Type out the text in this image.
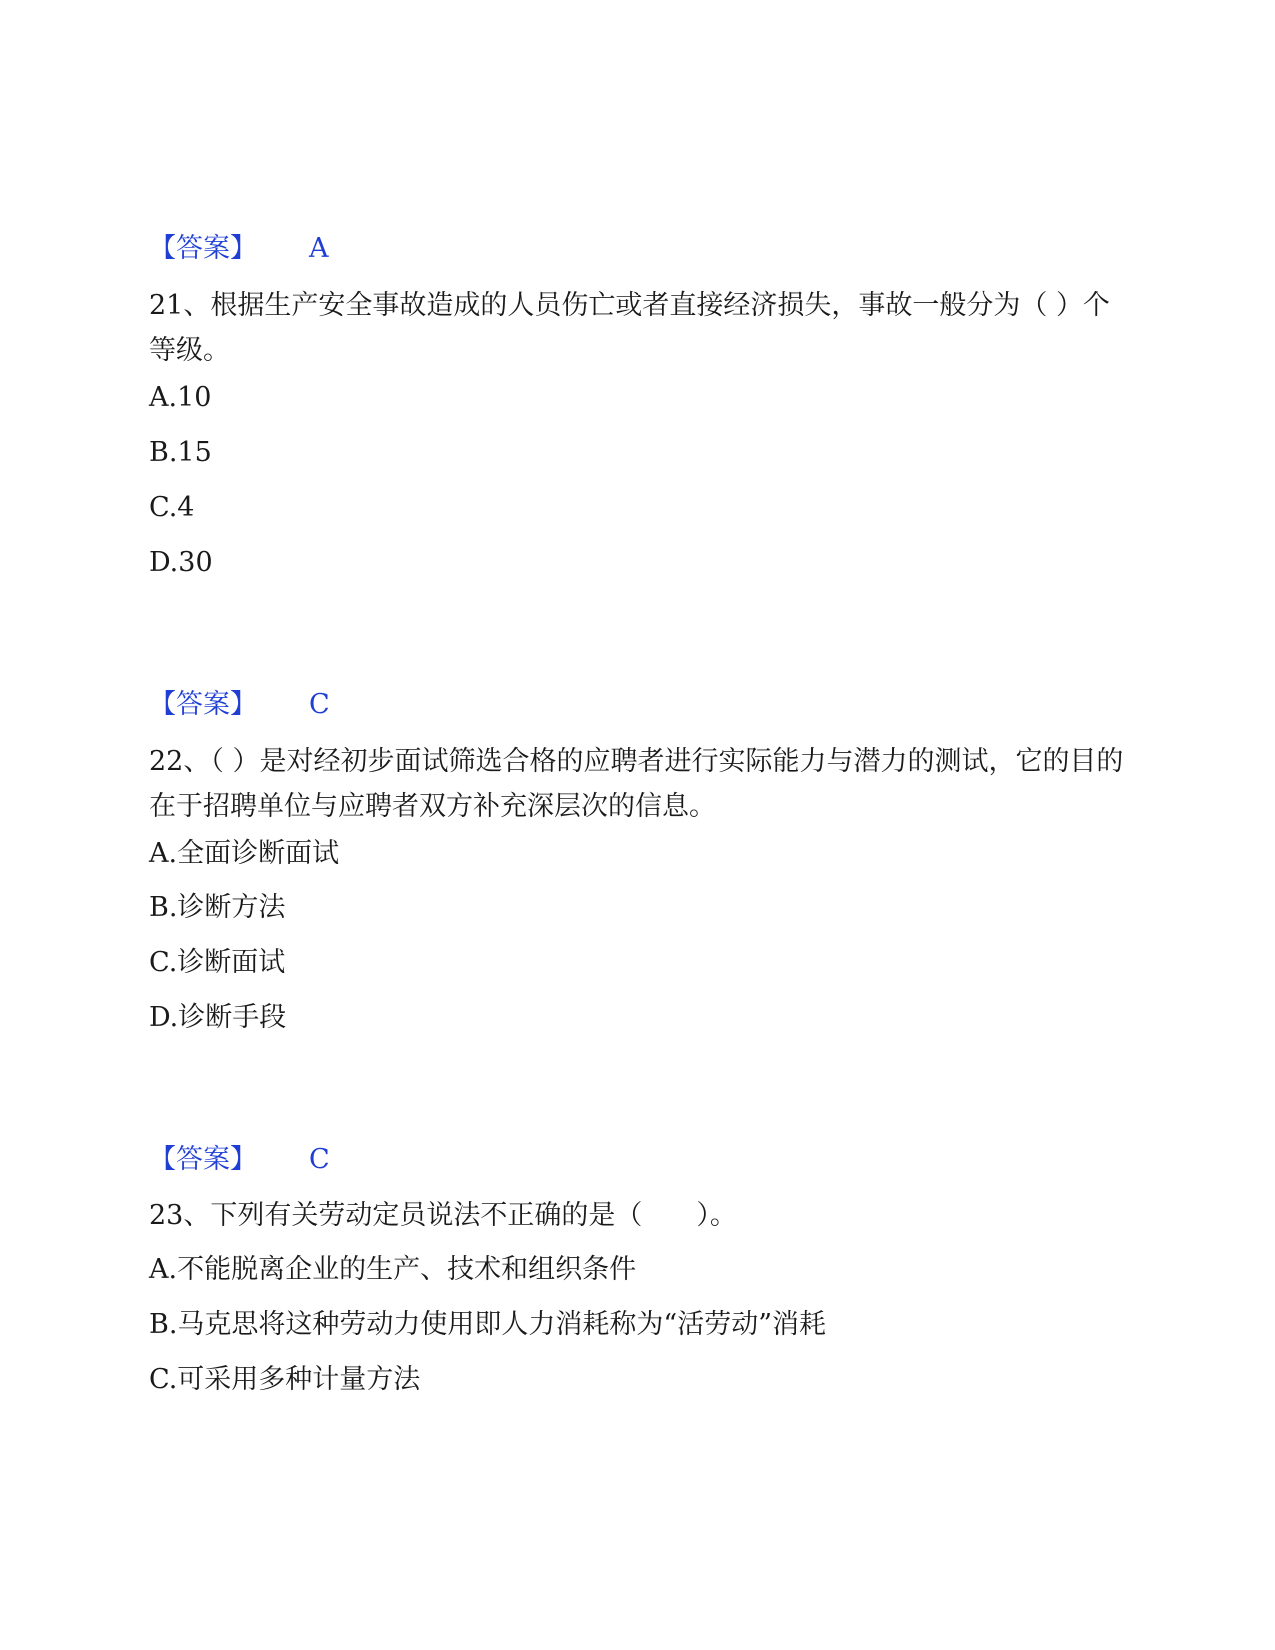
【答案】 A
21、根据生产安全事故造成的人员伤亡或者直接经济损失，事故一般分为（ ）个等级。
A.10
B.15
C.4
D.30
【答案】 C
22、（ ）是对经初步面试筛选合格的应聘者进行实际能力与潜力的测试，它的目的在于招聘单位与应聘者双方补充深层次的信息。
A.全面诊断面试
B.诊断方法
C.诊断面试
D.诊断手段
【答案】 C
23、下列有关劳动定员说法不正确的是（　　）。
A.不能脱离企业的生产、技术和组织条件
B.马克思将这种劳动力使用即人力消耗称为“活劳动”消耗
C.可采用多种计量方法
